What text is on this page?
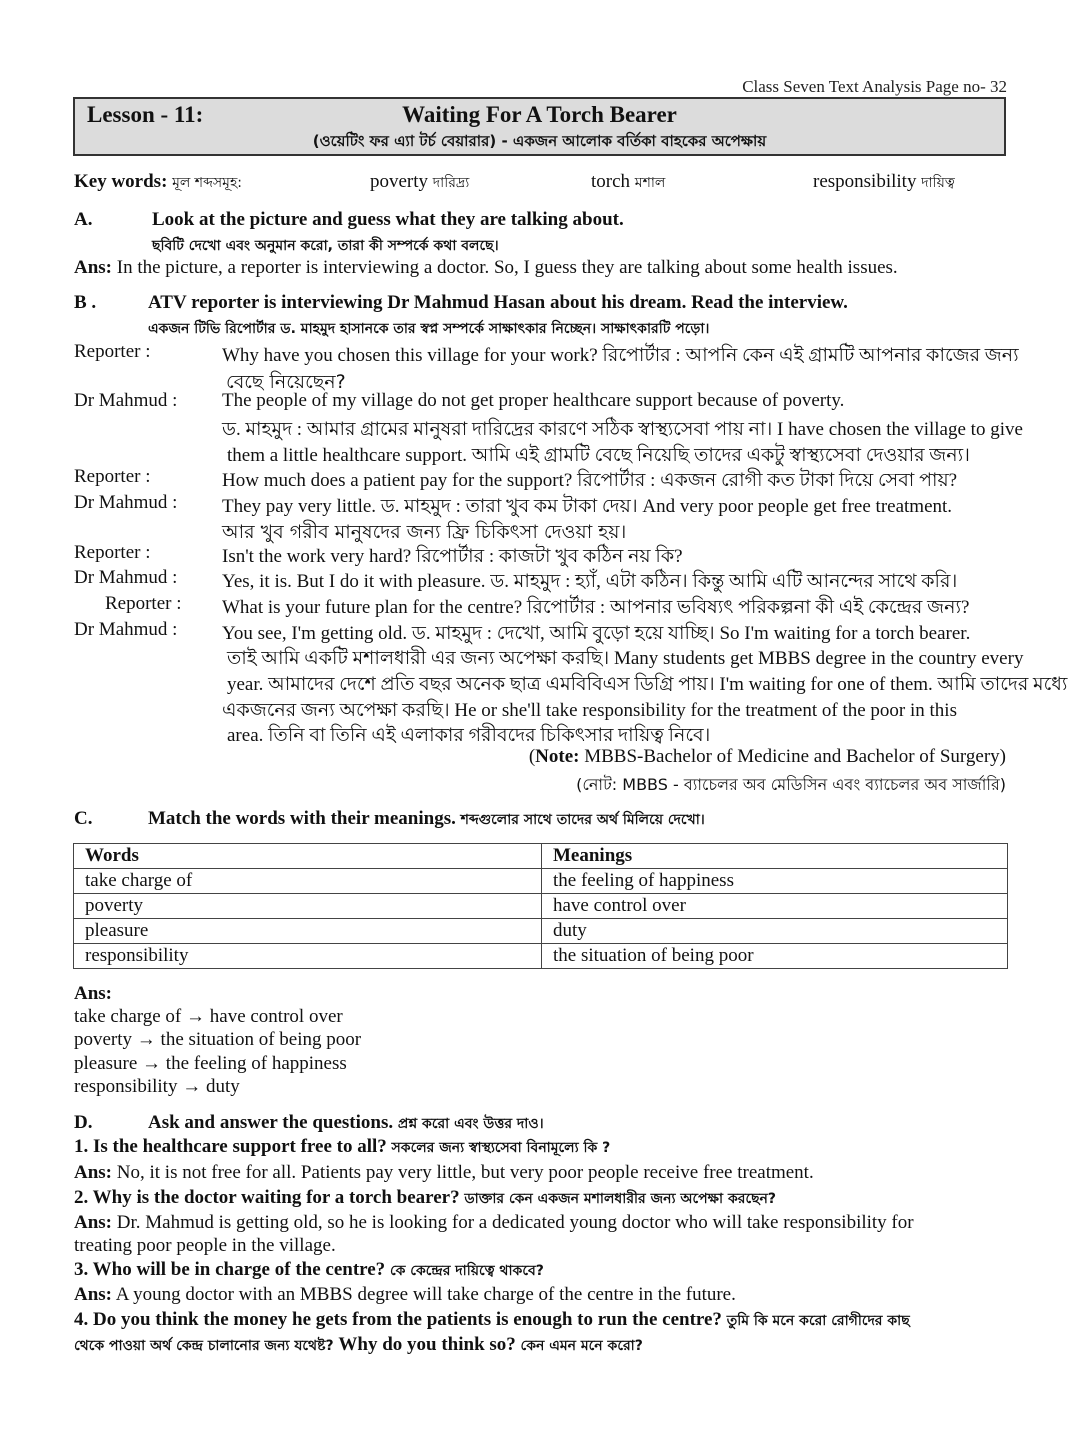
Class Seven Text Analysis Page no- 32
Lesson - 11:	Waiting For A Torch Bearer
(ওয়েটিং ফর এ্যা টর্চ বেয়ারার) - একজন আলোক বর্তিকা বাহকের অপেক্ষায়
Key words: মূল শব্দসমূহ:	poverty দারিদ্র্য	torch মশাল	responsibility দায়িত্ব
A.	Look at the picture and guess what they are talking about.
ছবিটি দেখো এবং অনুমান করো, তারা কী সম্পর্কে কথা বলছে।
Ans: In the picture, a reporter is interviewing a doctor. So, I guess they are talking about some health issues.
B .	ATV reporter is interviewing Dr Mahmud Hasan about his dream. Read the interview.
একজন টিভি রিপোর্টার ড. মাহমুদ হাসানকে তার স্বপ্ন সম্পর্কে সাক্ষাৎকার নিচ্ছেন। সাক্ষাৎকারটি পড়ো।
Reporter :	Why have you chosen this village for your work? রিপোর্টার : আপনি কেন এই গ্রামটি আপনার কাজের জন্য
বেছে নিয়েছেন?
Dr Mahmud : The people of my village do not get proper healthcare support because of poverty.
ড. মাহমুদ : আমার গ্রামের মানুষরা দারিদ্রের কারণে সঠিক স্বাস্থ্যসেবা পায় না। I have chosen the village to give
them a little healthcare support. আমি এই গ্রামটি বেছে নিয়েছি তাদের একটু স্বাস্থ্যসেবা দেওয়ার জন্য।
Reporter :	How much does a patient pay for the support? রিপোর্টার : একজন রোগী কত টাকা দিয়ে সেবা পায়?
Dr Mahmud : They pay very little. ড. মাহমুদ : তারা খুব কম টাকা দেয়। And very poor people get free treatment.
আর খুব গরীব মানুষদের জন্য ফ্রি চিকিৎসা দেওয়া হয়।
Reporter :	Isn't the work very hard? রিপোর্টার : কাজটা খুব কঠিন নয় কি?
Dr Mahmud : Yes, it is. But I do it with pleasure. ড. মাহমুদ : হ্যাঁ, এটা কঠিন। কিন্তু আমি এটি আনন্দের সাথে করি।
Reporter : What is your future plan for the centre? রিপোর্টার : আপনার ভবিষ্যৎ পরিকল্পনা কী এই কেন্দ্রের জন্য?
Dr Mahmud : You see, I'm getting old. ড. মাহমুদ : দেখো, আমি বুড়ো হয়ে যাচ্ছি। So I'm waiting for a torch bearer.
তাই আমি একটি মশালধারী এর জন্য অপেক্ষা করছি। Many students get MBBS degree in the country every
year. আমাদের দেশে প্রতি বছর অনেক ছাত্র এমবিবিএস ডিগ্রি পায়। I'm waiting for one of them. আমি তাদের মধ্যে
একজনের জন্য অপেক্ষা করছি। He or she'll take responsibility for the treatment of the poor in this
area. তিনি বা তিনি এই এলাকার গরীবদের চিকিৎসার দায়িত্ব নিবে।
(Note: MBBS-Bachelor of Medicine and Bachelor of Surgery)
(নোট: MBBS - ব্যাচেলর অব মেডিসিন এবং ব্যাচেলর অব সার্জারি)
C.	Match the words with their meanings. শব্দগুলোর সাথে তাদের অর্থ মিলিয়ে দেখো।
Words	Meanings
take charge of	the feeling of happiness
poverty	have control over
pleasure	duty
responsibility	the situation of being poor
Ans:
take charge of → have control over
poverty → the situation of being poor
pleasure → the feeling of happiness
responsibility → duty
D.	Ask and answer the questions. প্রশ্ন করো এবং উত্তর দাও।
1. Is the healthcare support free to all? সকলের জন্য স্বাস্থ্যসেবা বিনামূল্যে কি ?
Ans: No, it is not free for all. Patients pay very little, but very poor people receive free treatment.
2. Why is the doctor waiting for a torch bearer? ডাক্তার কেন একজন মশালধারীর জন্য অপেক্ষা করছেন?
Ans: Dr. Mahmud is getting old, so he is looking for a dedicated young doctor who will take responsibility for
treating poor people in the village.
3. Who will be in charge of the centre? কে কেন্দ্রের দায়িত্বে থাকবে?
Ans: A young doctor with an MBBS degree will take charge of the centre in the future.
4. Do you think the money he gets from the patients is enough to run the centre? তুমি কি মনে করো রোগীদের কাছ
থেকে পাওয়া অর্থ কেন্দ্র চালানোর জন্য যথেষ্ট? Why do you think so? কেন এমন মনে করো?
